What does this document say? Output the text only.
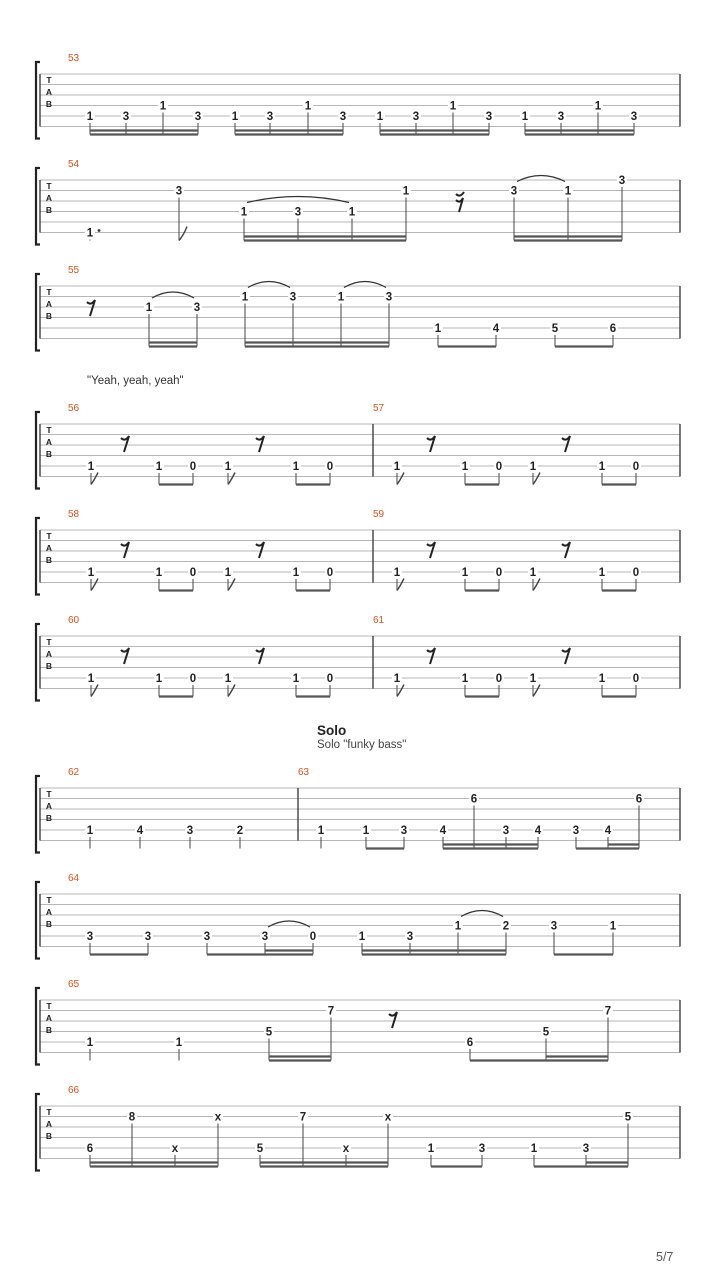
T
A
B
53
1	3
1
3	1 3
1
3	1	3
1
3	1	3
1
3
T
A
B
54
1
3
1	3	1
1	3	1
3
T
A
B
55
1	3
1	3	1	3
1	4	5	6
T
A
B
56
1	1 0 1	1 0
57
1	1 0 1	1 0
T
A
B
58
1	1 0 1	1 0
59
1	1 0 1	1 0
T
A
B
60
1	1 0 1	1 0
61
1	1 0 1	1 0
T
A
B
62
1	4	3	2
63
1	1	3	4
6
3 4	3 4
6
T
A
B
64
3	3	3	3	0	1	3
1	2	3	1
T
A
B
65
1	1
5
7
6
5
7
T
A
B
66
6
8
x
x
5
7
x
x
1	3	1	3
5
"Yeah, yeah, yeah"
Solo
Solo "funky bass"
5/7
